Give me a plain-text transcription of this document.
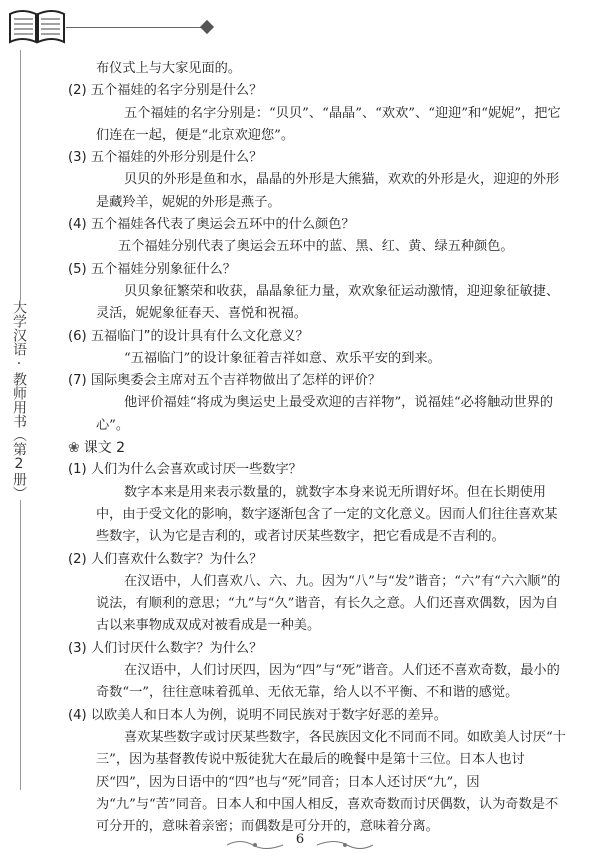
大学汉语·教师用书（第2册）

布仪式上与大家见面的。

(2) 五个福娃的名字分别是什么？

五个福娃的名字分别是：“贝贝”、“晶晶”、“欢欢”、“迎迎”和“妮妮”，把它们连在一起，便是“北京欢迎您”。

(3) 五个福娃的外形分别是什么？

贝贝的外形是鱼和水，晶晶的外形是大熊猫，欢欢的外形是火，迎迎的外形是藏羚羊，妮妮的外形是燕子。

(4) 五个福娃各代表了奥运会五环中的什么颜色？

五个福娃分别代表了奥运会五环中的蓝、黑、红、黄、绿五种颜色。

(5) 五个福娃分别象征什么？

贝贝象征繁荣和收获，晶晶象征力量，欢欢象征运动激情，迎迎象征敏捷、灵活，妮妮象征春天、喜悦和祝福。

(6) 五福临门”的设计具有什么文化意义？

“五福临门”的设计象征着吉祥如意、欢乐平安的到来。

(7) 国际奥委会主席对五个吉祥物做出了怎样的评价？

他评价福娃“将成为奥运史上最受欢迎的吉祥物”，说福娃“必将触动世界的心”。

❀ 课文 2

(1) 人们为什么会喜欢或讨厌一些数字？

数字本来是用来表示数量的，就数字本身来说无所谓好坏。但在长期使用中，由于受文化的影响，数字逐渐包含了一定的文化意义。因而人们往往喜欢某些数字，认为它是吉利的，或者讨厌某些数字，把它看成是不吉利的。

(2) 人们喜欢什么数字？为什么？

在汉语中，人们喜欢八、六、九。因为“八”与“发”谐音；“六”有“六六顺”的说法，有顺利的意思；“九”与“久”谐音，有长久之意。人们还喜欢偶数，因为自古以来事物成双成对被看成是一种美。

(3) 人们讨厌什么数字？为什么？

在汉语中，人们讨厌四，因为“四”与“死”谐音。人们还不喜欢奇数，最小的奇数“一”，往往意味着孤单、无依无靠，给人以不平衡、不和谐的感觉。

(4) 以欧美人和日本人为例，说明不同民族对于数字好恶的差异。

喜欢某些数字或讨厌某些数字，各民族因文化不同而不同。如欧美人讨厌“十三”，因为基督教传说中叛徒犹大在最后的晚餐中是第十三位。日本人也讨厌“四”，因为日语中的“四”也与“死”同音；日本人还讨厌“九”，因为“九”与“苦”同音。日本人和中国人相反，喜欢奇数而讨厌偶数，认为奇数是不可分开的，意味着亲密；而偶数是可分开的，意味着分离。

6
